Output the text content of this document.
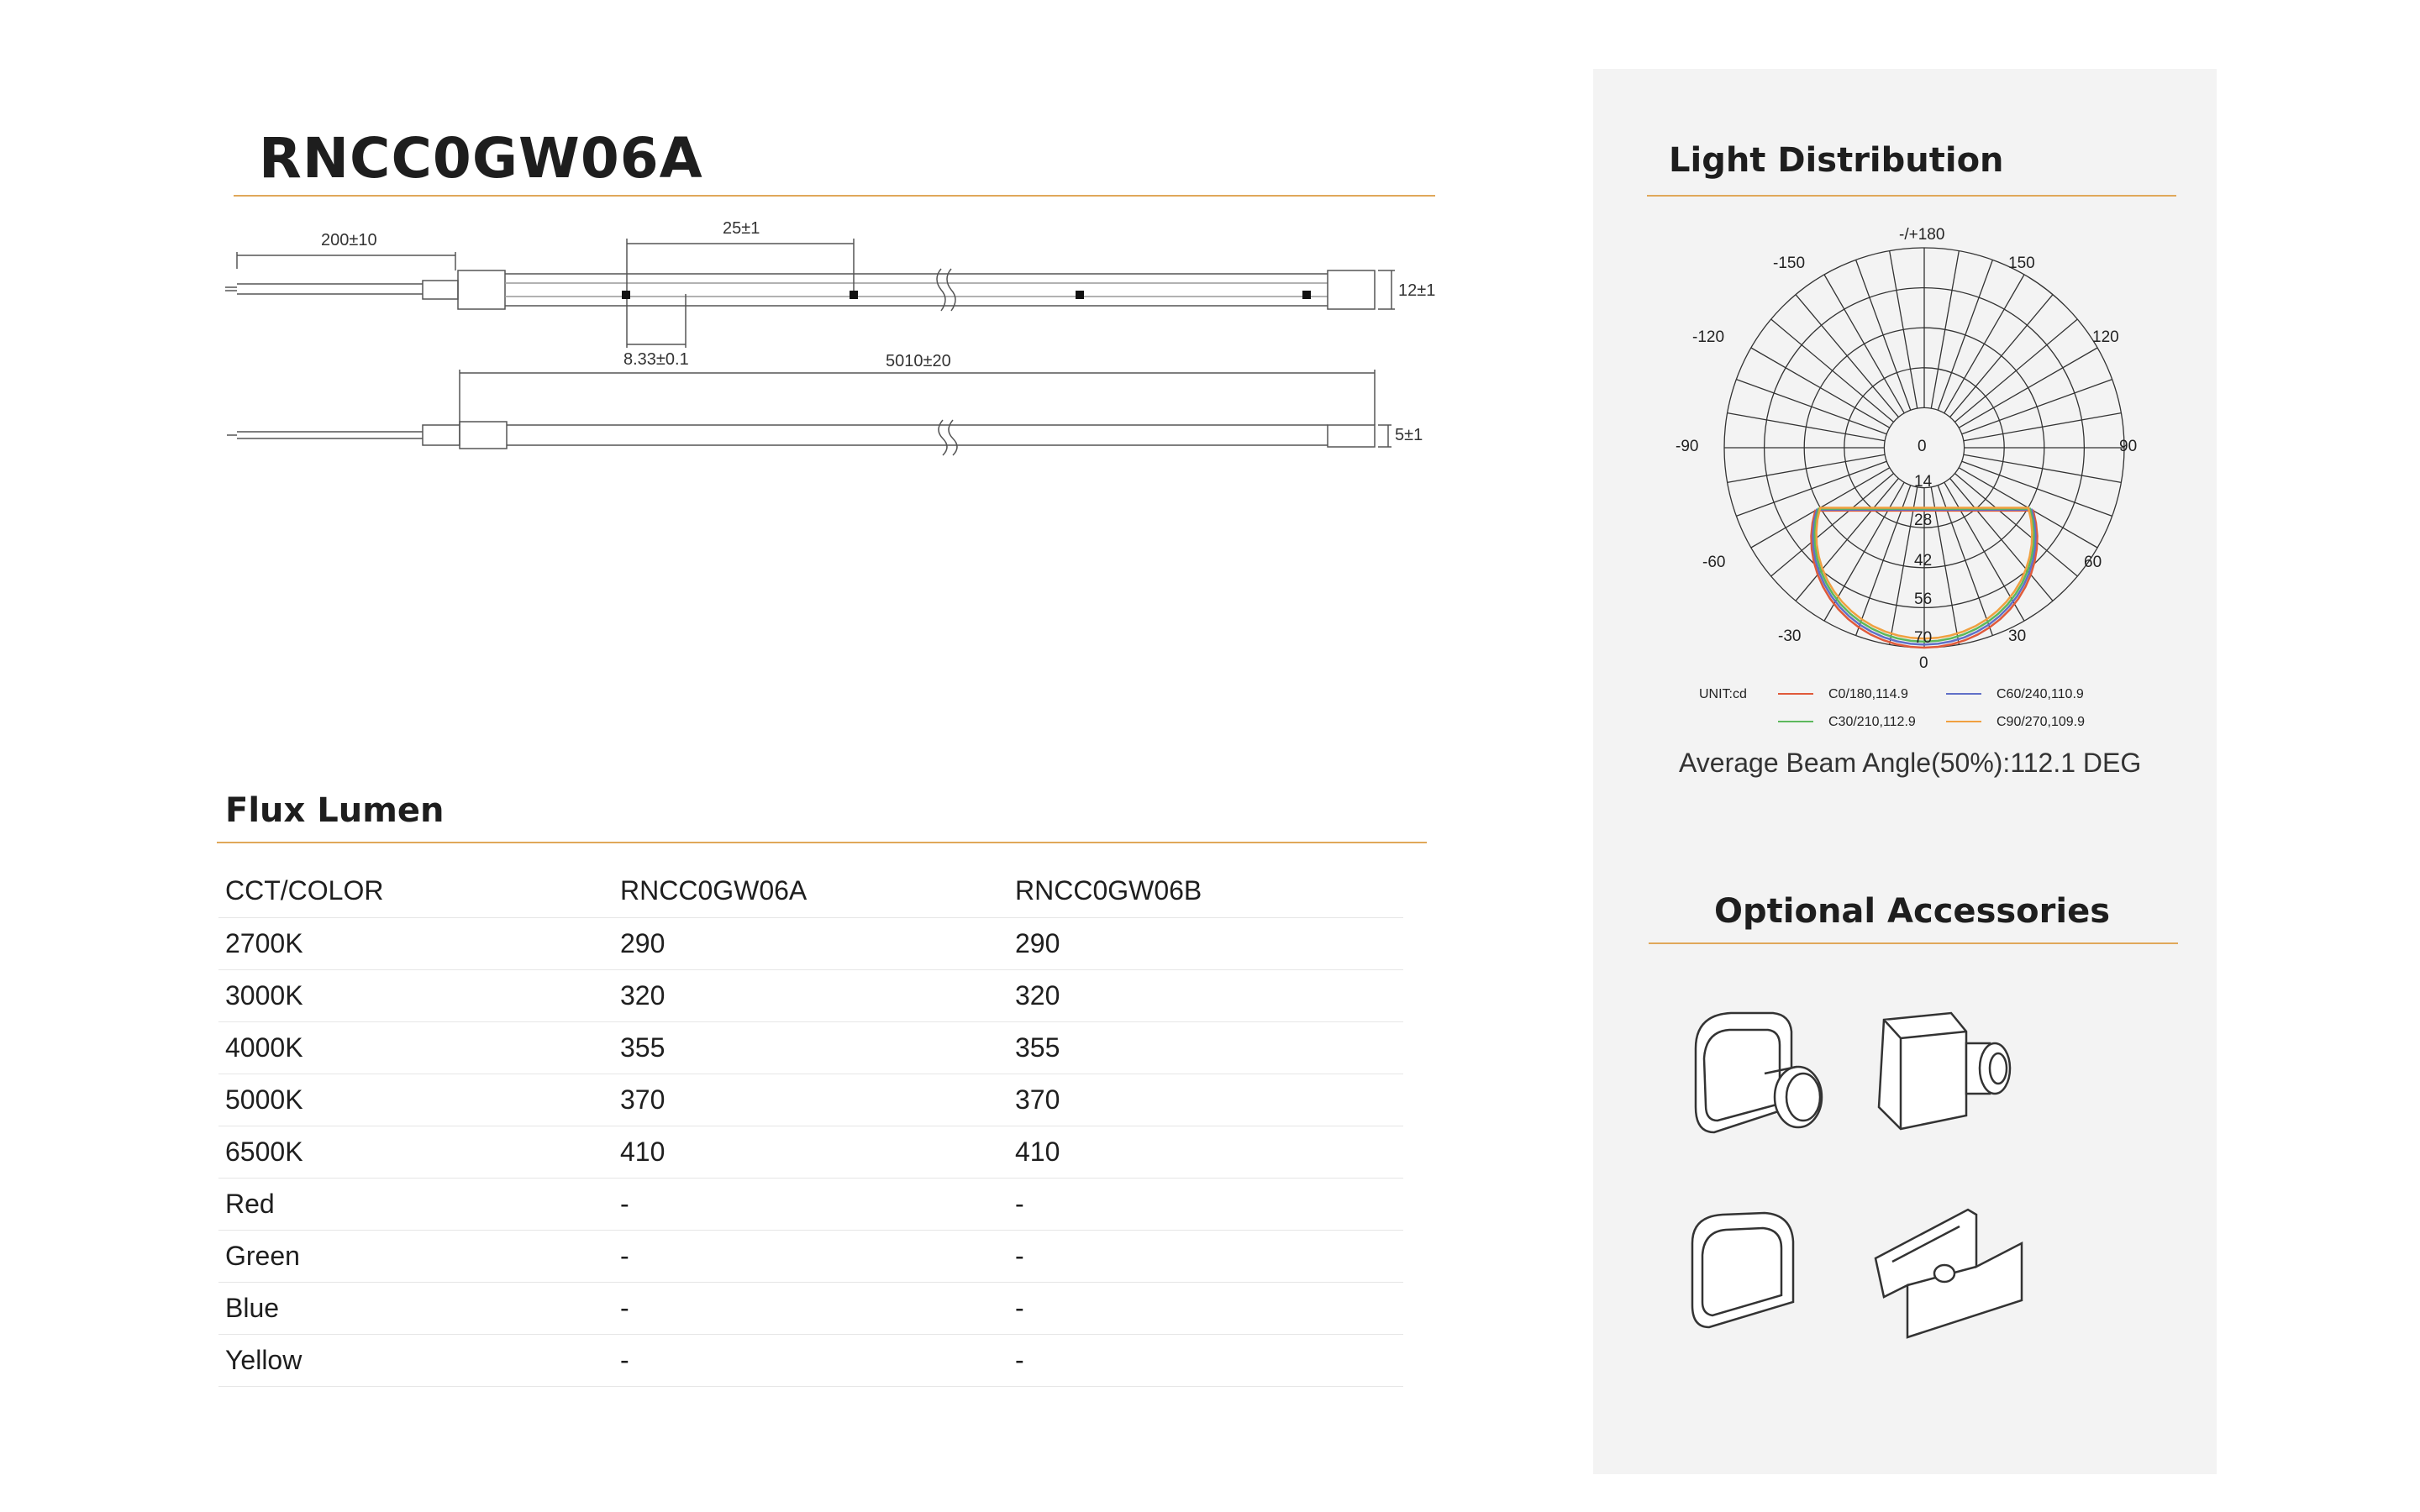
RNCC0GW06A
200±10
25±1
12±1
8.33±0.1	5010±20
5±1
Flux Lumen
CCT/COLOR	RNCC0GW06A	RNCC0GW06B
2700K	290	290
3000K	320	320
4000K	355	355
5000K	370	370
6500K	410	410
Red	-	-
Green	-	-
Blue	-	-
Yellow	-	-
Light Distribution
-/+180
150
-150
120
-120
90
-90
60
-60
30
-30
0
0
14
28
42
56
70
UNIT:cd	C0/180,114.9	C60/240,110.9
C30/210,112.9	C90/270,109.9
Average Beam Angle(50%):112.1 DEG
Optional Accessories
